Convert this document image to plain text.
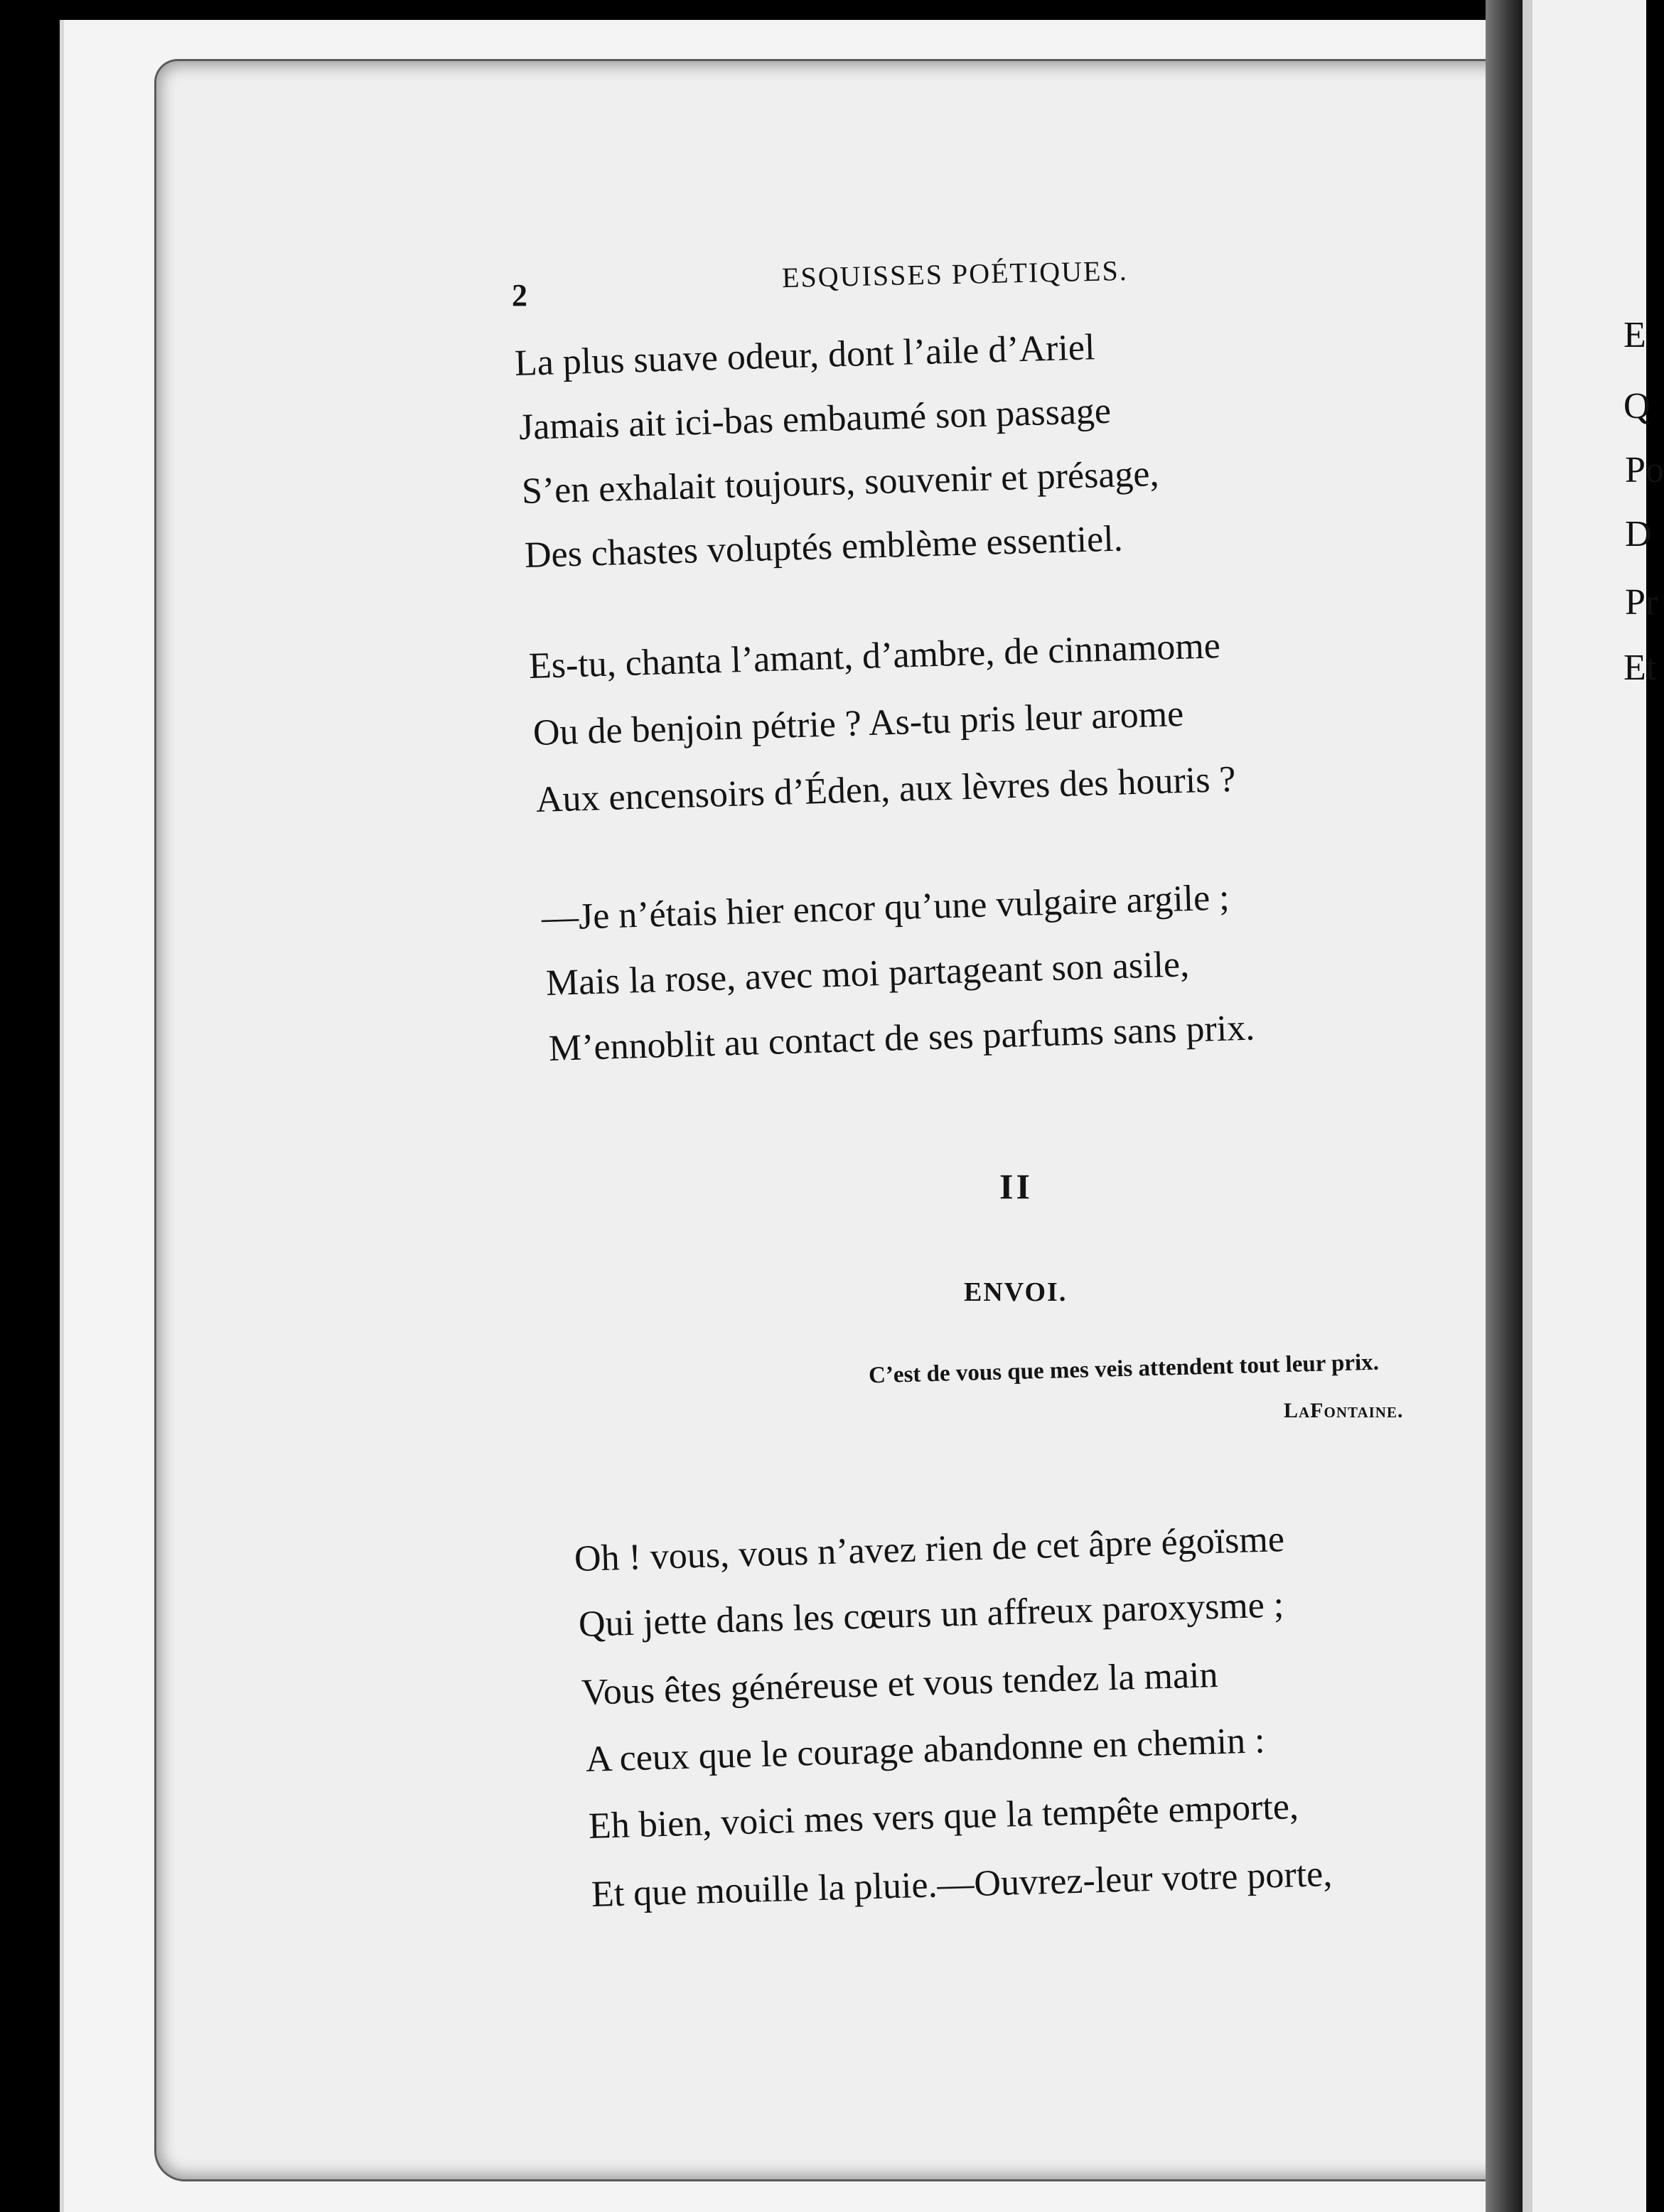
E
Q
Po
D
Pr
Et
2
ESQUISSES POÉTIQUES.
La plus suave odeur, dont l’aile d’Ariel
Jamais ait ici-bas embaumé son passage
S’en exhalait toujours, souvenir et présage,
Des chastes voluptés emblème essentiel.
Es-tu, chanta l’amant, d’ambre, de cinnamome
Ou de benjoin pétrie ? As-tu pris leur arome
Aux encensoirs d’Éden, aux lèvres des houris ?
—Je n’étais hier encor qu’une vulgaire argile ;
Mais la rose, avec moi partageant son asile,
M’ennoblit au contact de ses parfums sans prix.
II
ENVOI.
C’est de vous que mes veis attendent tout leur prix.
LaFontaine.
Oh ! vous, vous n’avez rien de cet âpre égoïsme
Qui jette dans les cœurs un affreux paroxysme ;
Vous êtes généreuse et vous tendez la main
A ceux que le courage abandonne en chemin :
Eh bien, voici mes vers que la tempête emporte,
Et que mouille la pluie.—Ouvrez-leur votre porte,
